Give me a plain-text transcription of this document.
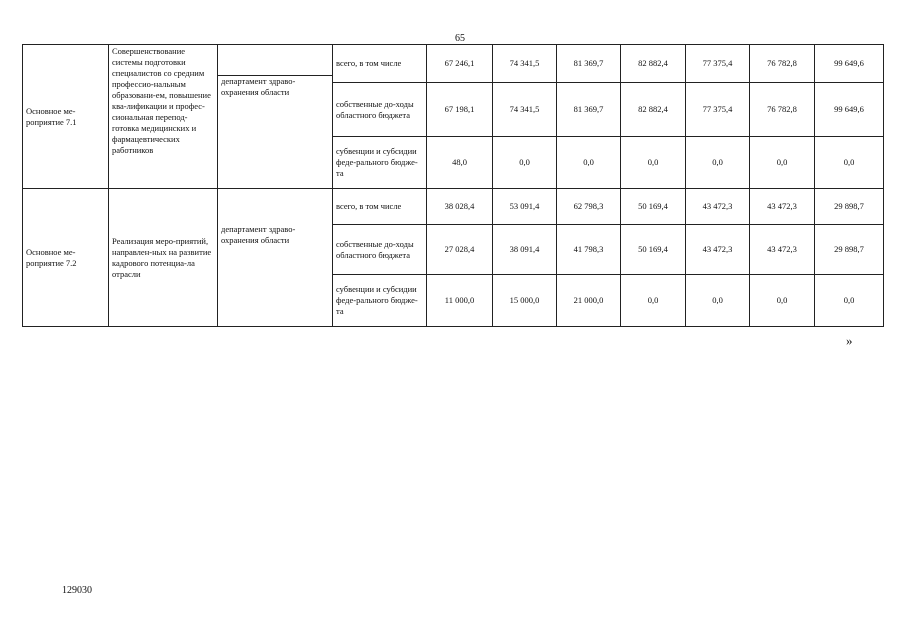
65
Основное ме-роприятие 7.1	Совершенствование системы подготовки специалистов со средним профессио-нальным образовани-ем, повышение ква-лификации и профес-сиональная перепод-готовка медицинских и фармацевтических работников	департамент здраво-охранения области	всего, в том числе	67 246,1	74 341,5	81 369,7	82 882,4	77 375,4	76 782,8	99 649,6
			собственные до-ходы областного бюджета	67 198,1	74 341,5	81 369,7	82 882,4	77 375,4	76 782,8	99 649,6
			субвенции и субсидии феде-рального бюдже-та	48,0	0,0	0,0	0,0	0,0	0,0	0,0
Основное ме-роприятие 7.2	Реализация меро-приятий, направлен-ных на развитие кадрового потенциа-ла отрасли	департамент здраво-охранения области	всего, в том числе	38 028,4	53 091,4	62 798,3	50 169,4	43 472,3	43 472,3	29 898,7
			собственные до-ходы областного бюджета	27 028,4	38 091,4	41 798,3	50 169,4	43 472,3	43 472,3	29 898,7
			субвенции и субсидии феде-рального бюдже-та	11 000,0	15 000,0	21 000,0	0,0	0,0	0,0	0,0
»
129030
